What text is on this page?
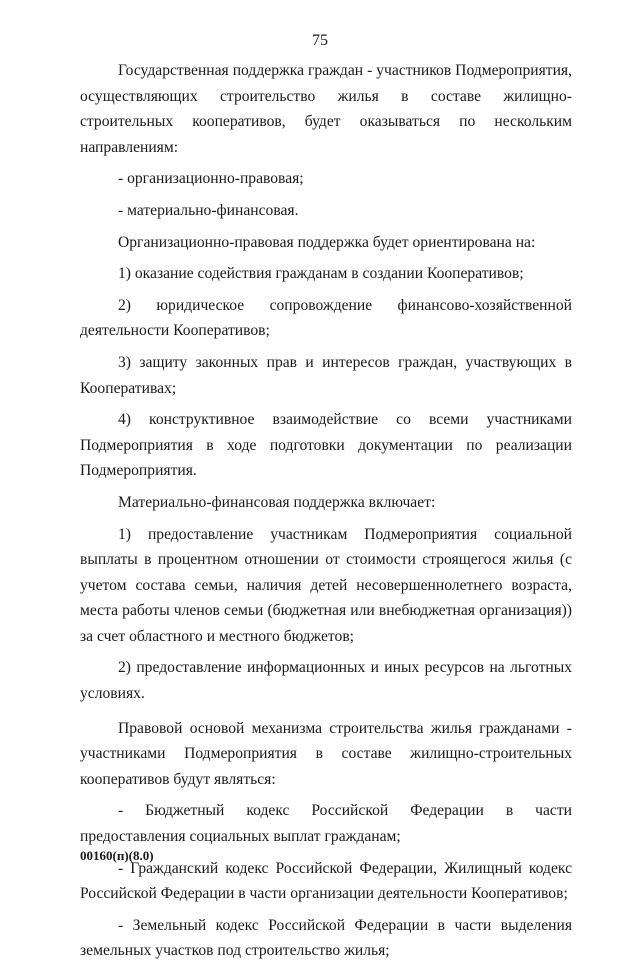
75

Государственная поддержка граждан - участников Подмероприятия, осуществляющих строительство жилья в составе жилищно-строительных кооперативов, будет оказываться по нескольким направлениям:

- организационно-правовая;

- материально-финансовая.

Организационно-правовая поддержка будет ориентирована на:

1) оказание содействия гражданам в создании Кооперативов;

2) юридическое сопровождение финансово-хозяйственной деятельности Кооперативов;

3) защиту законных прав и интересов граждан, участвующих в Кооперативах;

4) конструктивное взаимодействие со всеми участниками Подмероприятия в ходе подготовки документации по реализации Подмероприятия.

Материально-финансовая поддержка включает:

1) предоставление участникам Подмероприятия социальной выплаты в процентном отношении от стоимости строящегося жилья (с учетом состава семьи, наличия детей несовершеннолетнего возраста, места работы членов семьи (бюджетная или внебюджетная организация)) за счет областного и местного бюджетов;

2) предоставление информационных и иных ресурсов на льготных условиях.

Правовой основой механизма строительства жилья гражданами - участниками Подмероприятия в составе жилищно-строительных кооперативов будут являться:

- Бюджетный кодекс Российской Федерации в части предоставления социальных выплат гражданам;

- Гражданский кодекс Российской Федерации, Жилищный кодекс Российской Федерации в части организации деятельности Кооперативов;

- Земельный кодекс Российской Федерации в части выделения земельных участков под строительство жилья;

00160(п)(8.0)
